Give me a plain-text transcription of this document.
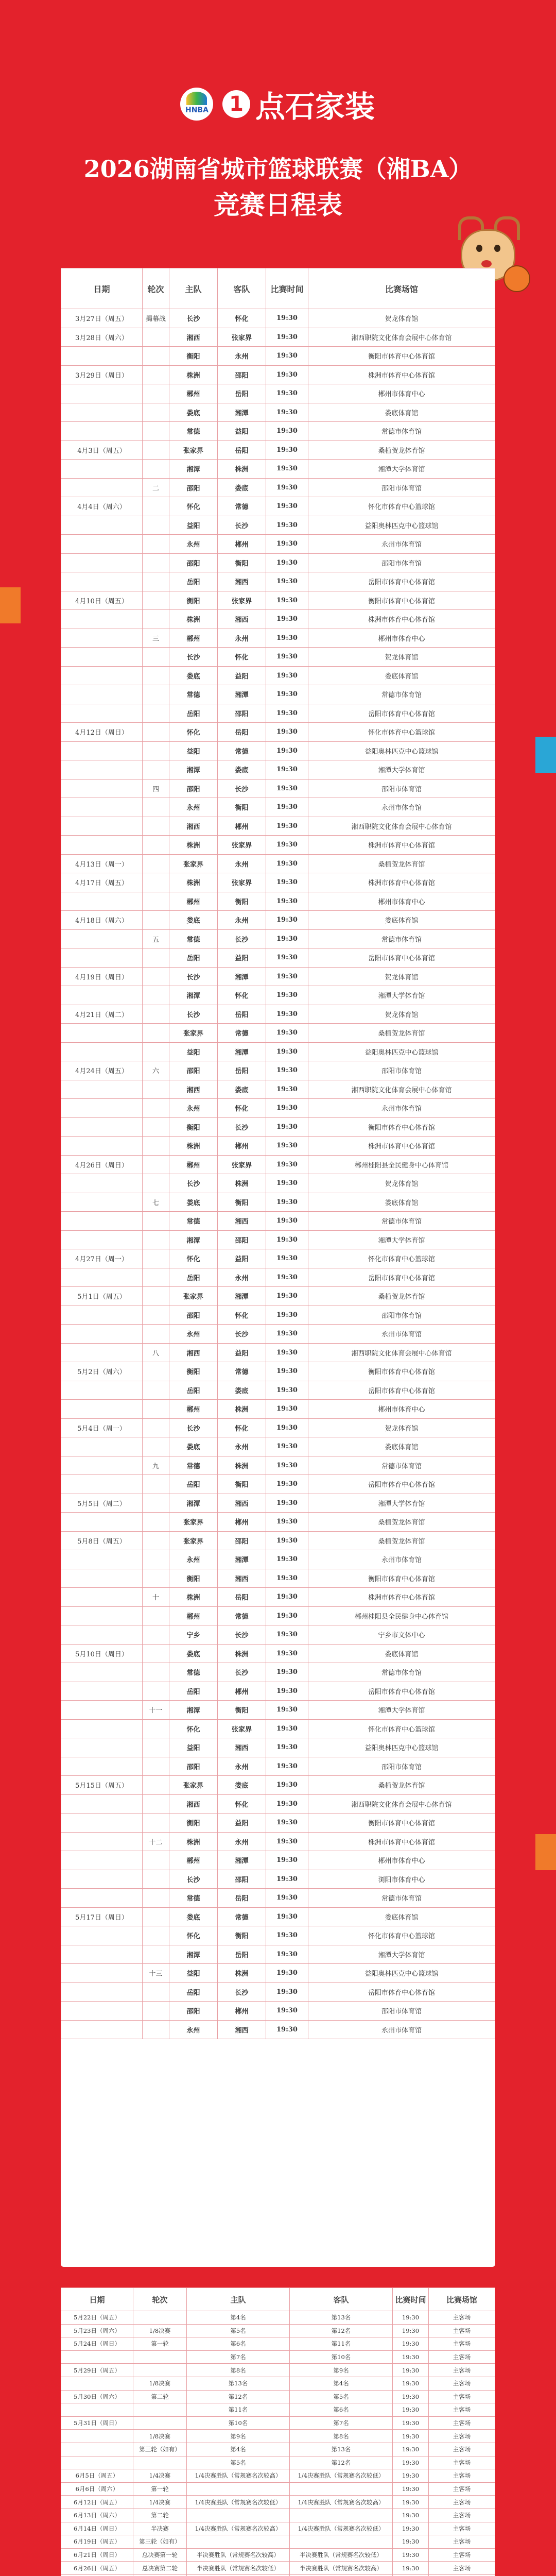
HNBA	1 点石家装
2026湖南省城市篮球联赛（湘BA）
竞赛日程表
日期	轮次	主队	客队	比赛时间	比赛场馆
3月27日（周五）	揭幕战	长沙	怀化	19:30	贺龙体育馆
3月28日（周六）		湘西	张家界	19:30	湘西职院文化体育会展中心体育馆
		衡阳	永州	19:30	衡阳市体育中心体育馆
3月29日（周日）		株洲	邵阳	19:30	株洲市体育中心体育馆
		郴州	岳阳	19:30	郴州市体育中心
		娄底	湘潭	19:30	娄底体育馆
		常德	益阳	19:30	常德市体育馆
4月3日（周五）		张家界	岳阳	19:30	桑植贺龙体育馆
		湘潭	株洲	19:30	湘潭大学体育馆
	二	邵阳	娄底	19:30	邵阳市体育馆
4月4日（周六）		怀化	常德	19:30	怀化市体育中心篮球馆
		益阳	长沙	19:30	益阳奥林匹克中心篮球馆
		永州	郴州	19:30	永州市体育馆
		邵阳	衡阳	19:30	邵阳市体育馆
		岳阳	湘西	19:30	岳阳市体育中心体育馆
4月10日（周五）		衡阳	张家界	19:30	衡阳市体育中心体育馆
		株洲	湘西	19:30	株洲市体育中心体育馆
	三	郴州	永州	19:30	郴州市体育中心
		长沙	怀化	19:30	贺龙体育馆
		娄底	益阳	19:30	娄底体育馆
		常德	湘潭	19:30	常德市体育馆
		岳阳	邵阳	19:30	岳阳市体育中心体育馆
4月12日（周日）		怀化	岳阳	19:30	怀化市体育中心篮球馆
		益阳	常德	19:30	益阳奥林匹克中心篮球馆
		湘潭	娄底	19:30	湘潭大学体育馆
	四	邵阳	长沙	19:30	邵阳市体育馆
		永州	衡阳	19:30	永州市体育馆
		湘西	郴州	19:30	湘西职院文化体育会展中心体育馆
		株洲	张家界	19:30	株洲市体育中心体育馆
4月13日（周一）		张家界	永州	19:30	桑植贺龙体育馆
4月17日（周五）		株洲	张家界	19:30	株洲市体育中心体育馆
		郴州	衡阳	19:30	郴州市体育中心
4月18日（周六）		娄底	永州	19:30	娄底体育馆
	五	常德	长沙	19:30	常德市体育馆
		岳阳	益阳	19:30	岳阳市体育中心体育馆
4月19日（周日）		长沙	湘潭	19:30	贺龙体育馆
		湘潭	怀化	19:30	湘潭大学体育馆
4月21日（周二）		长沙	岳阳	19:30	贺龙体育馆
		张家界	常德	19:30	桑植贺龙体育馆
		益阳	湘潭	19:30	益阳奥林匹克中心篮球馆
4月24日（周五）	六	邵阳	岳阳	19:30	邵阳市体育馆
		湘西	娄底	19:30	湘西职院文化体育会展中心体育馆
		永州	怀化	19:30	永州市体育馆
		衡阳	长沙	19:30	衡阳市体育中心体育馆
		株洲	郴州	19:30	株洲市体育中心体育馆
4月26日（周日）		郴州	张家界	19:30	郴州桂阳县全民健身中心体育馆
		长沙	株洲	19:30	贺龙体育馆
	七	娄底	衡阳	19:30	娄底体育馆
		常德	湘西	19:30	常德市体育馆
		湘潭	邵阳	19:30	湘潭大学体育馆
4月27日（周一）		怀化	益阳	19:30	怀化市体育中心篮球馆
		岳阳	永州	19:30	岳阳市体育中心体育馆
5月1日（周五）		张家界	湘潭	19:30	桑植贺龙体育馆
		邵阳	怀化	19:30	邵阳市体育馆
		永州	长沙	19:30	永州市体育馆
	八	湘西	益阳	19:30	湘西职院文化体育会展中心体育馆
5月2日（周六）		衡阳	常德	19:30	衡阳市体育中心体育馆
		岳阳	娄底	19:30	岳阳市体育中心体育馆
		郴州	株洲	19:30	郴州市体育中心
5月4日（周一）		长沙	怀化	19:30	贺龙体育馆
		娄底	永州	19:30	娄底体育馆
	九	常德	株洲	19:30	常德市体育馆
		岳阳	衡阳	19:30	岳阳市体育中心体育馆
5月5日（周二）		湘潭	湘西	19:30	湘潭大学体育馆
		张家界	郴州	19:30	桑植贺龙体育馆
5月8日（周五）		张家界	邵阳	19:30	桑植贺龙体育馆
		永州	湘潭	19:30	永州市体育馆
		衡阳	湘西	19:30	衡阳市体育中心体育馆
	十	株洲	岳阳	19:30	株洲市体育中心体育馆
		郴州	常德	19:30	郴州桂阳县全民健身中心体育馆
		宁乡	长沙	19:30	宁乡市文体中心
5月10日（周日）		娄底	株洲	19:30	娄底体育馆
		常德	长沙	19:30	常德市体育馆
		岳阳	郴州	19:30	岳阳市体育中心体育馆
	十一	湘潭	衡阳	19:30	湘潭大学体育馆
		怀化	张家界	19:30	怀化市体育中心篮球馆
		益阳	湘西	19:30	益阳奥林匹克中心篮球馆
		邵阳	永州	19:30	邵阳市体育馆
5月15日（周五）		张家界	娄底	19:30	桑植贺龙体育馆
		湘西	怀化	19:30	湘西职院文化体育会展中心体育馆
		衡阳	益阳	19:30	衡阳市体育中心体育馆
	十二	株洲	永州	19:30	株洲市体育中心体育馆
		郴州	湘潭	19:30	郴州市体育中心
		长沙	邵阳	19:30	浏阳市体育中心
		常德	岳阳	19:30	常德市体育馆
5月17日（周日）		娄底	常德	19:30	娄底体育馆
		怀化	衡阳	19:30	怀化市体育中心篮球馆
		湘潭	岳阳	19:30	湘潭大学体育馆
	十三	益阳	株洲	19:30	益阳奥林匹克中心篮球馆
		岳阳	长沙	19:30	岳阳市体育中心体育馆
		邵阳	郴州	19:30	邵阳市体育馆
		永州	湘西	19:30	永州市体育馆
日期	轮次	主队	客队	比赛时间	比赛场馆
5月22日（周五）		第4名	第13名	19:30	主客场
5月23日（周六）	1/8决赛	第5名	第12名	19:30	主客场
5月24日（周日）	第一轮	第6名	第11名	19:30	主客场
		第7名	第10名	19:30	主客场
5月29日（周五）		第8名	第9名	19:30	主客场
	1/8决赛	第13名	第4名	19:30	主客场
5月30日（周六）	第二轮	第12名	第5名	19:30	主客场
		第11名	第6名	19:30	主客场
5月31日（周日）		第10名	第7名	19:30	主客场
	1/8决赛	第9名	第8名	19:30	主客场
	第三轮（如有）	第4名	第13名	19:30	主客场
		第5名	第12名	19:30	主客场
6月5日（周五）	1/4决赛	1/4决赛胜队（常规赛名次较高）	1/4决赛胜队（常规赛名次较低）	19:30	主客场
6月6日（周六）	第一轮			19:30	主客场
6月12日（周五）	1/4决赛	1/4决赛胜队（常规赛名次较低）	1/4决赛胜队（常规赛名次较高）	19:30	主客场
6月13日（周六）	第二轮			19:30	主客场
6月14日（周日）	半决赛	1/4决赛胜队（常规赛名次较高）	1/4决赛胜队（常规赛名次较低）	19:30	主客场
6月19日（周五）	第三轮（如有）			19:30	主客场
6月21日（周日）	总决赛第一轮	半决赛胜队（常规赛名次较高）	半决赛胜队（常规赛名次较低）	19:30	主客场
6月26日（周五）	总决赛第二轮	半决赛胜队（常规赛名次较低）	半决赛胜队（常规赛名次较高）	19:30	主客场
